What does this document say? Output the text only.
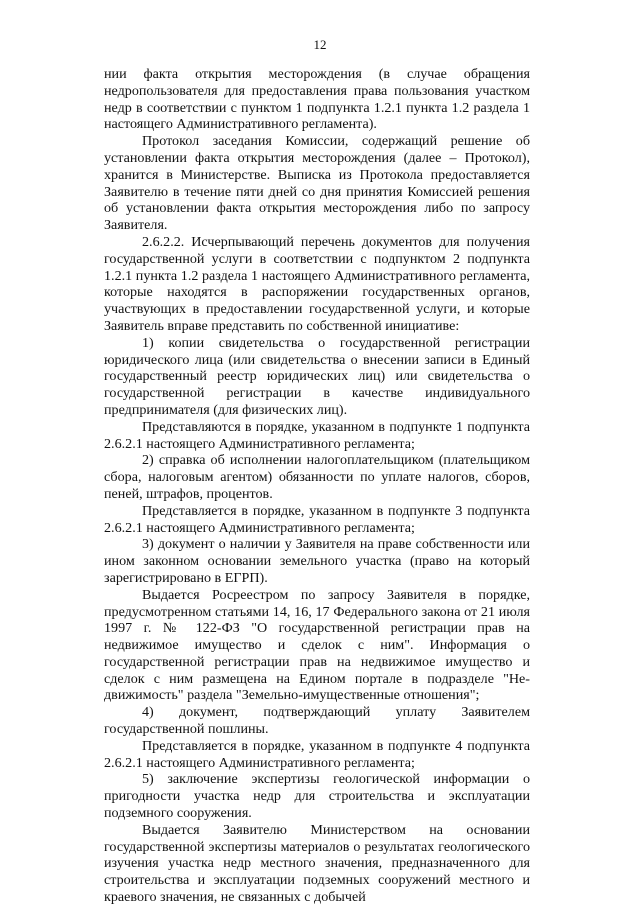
12

нии факта открытия месторождения (в случае обращения недропользователя для предоставления права пользования участком недр в соответствии с пунктом 1 подпункта 1.2.1 пункта 1.2 раздела 1 настоящего Административного регламента).

Протокол заседания Комиссии, содержащий решение об установлении факта открытия месторождения (далее – Протокол), хранится в Министерстве. Выписка из Протокола предоставляется Заявителю в течение пяти дней со дня принятия Комиссией решения об установлении факта открытия месторождения либо по запросу Заявителя.

2.6.2.2. Исчерпывающий перечень документов для получения государственной услуги в соответствии с подпунктом 2 подпункта 1.2.1 пункта 1.2 раздела 1 настоящего Административного регламента, которые находятся в распоряжении государственных органов, участвующих в предоставлении государственной услуги, и которые Заявитель вправе представить по собственной инициативе:

1) копии свидетельства о государственной регистрации юридического лица (или свидетельства о внесении записи в Единый государственный реестр юридических лиц) или свидетельства о государственной регистрации в качестве индивидуального предпринимателя (для физических лиц).

Представляются в порядке, указанном в подпункте 1 подпункта 2.6.2.1 настоящего Административного регламента;

2) справка об исполнении налогоплательщиком (плательщиком сбора, налоговым агентом) обязанности по уплате налогов, сборов, пеней, штрафов, процентов.

Представляется в порядке, указанном в подпункте 3 подпункта 2.6.2.1 настоящего Административного регламента;

3) документ о наличии у Заявителя на праве собственности или ином законном основании земельного участка (право на который зарегистрировано в ЕГРП).

Выдается Росреестром по запросу Заявителя в порядке, предусмотренном статьями 14, 16, 17 Федерального закона от 21 июля 1997 г. № 122-ФЗ "О государственной регистрации прав на недвижимое имущество и сделок с ним". Информация о государственной регистрации прав на недвижимое имущество и сделок с ним размещена на Едином портале в подразделе "Недвижимость" раздела "Земельно-имущественные отношения";

4) документ, подтверждающий уплату Заявителем государственной пошлины.

Представляется в порядке, указанном в подпункте 4 подпункта 2.6.2.1 настоящего Административного регламента;

5) заключение экспертизы геологической информации о пригодности участка недр для строительства и эксплуатации подземного сооружения.

Выдается Заявителю Министерством на основании государственной экспертизы материалов о результатах геологического изучения участка недр местного значения, предназначенного для строительства и эксплуатации подземных сооружений местного и краевого значения, не связанных с добычей
